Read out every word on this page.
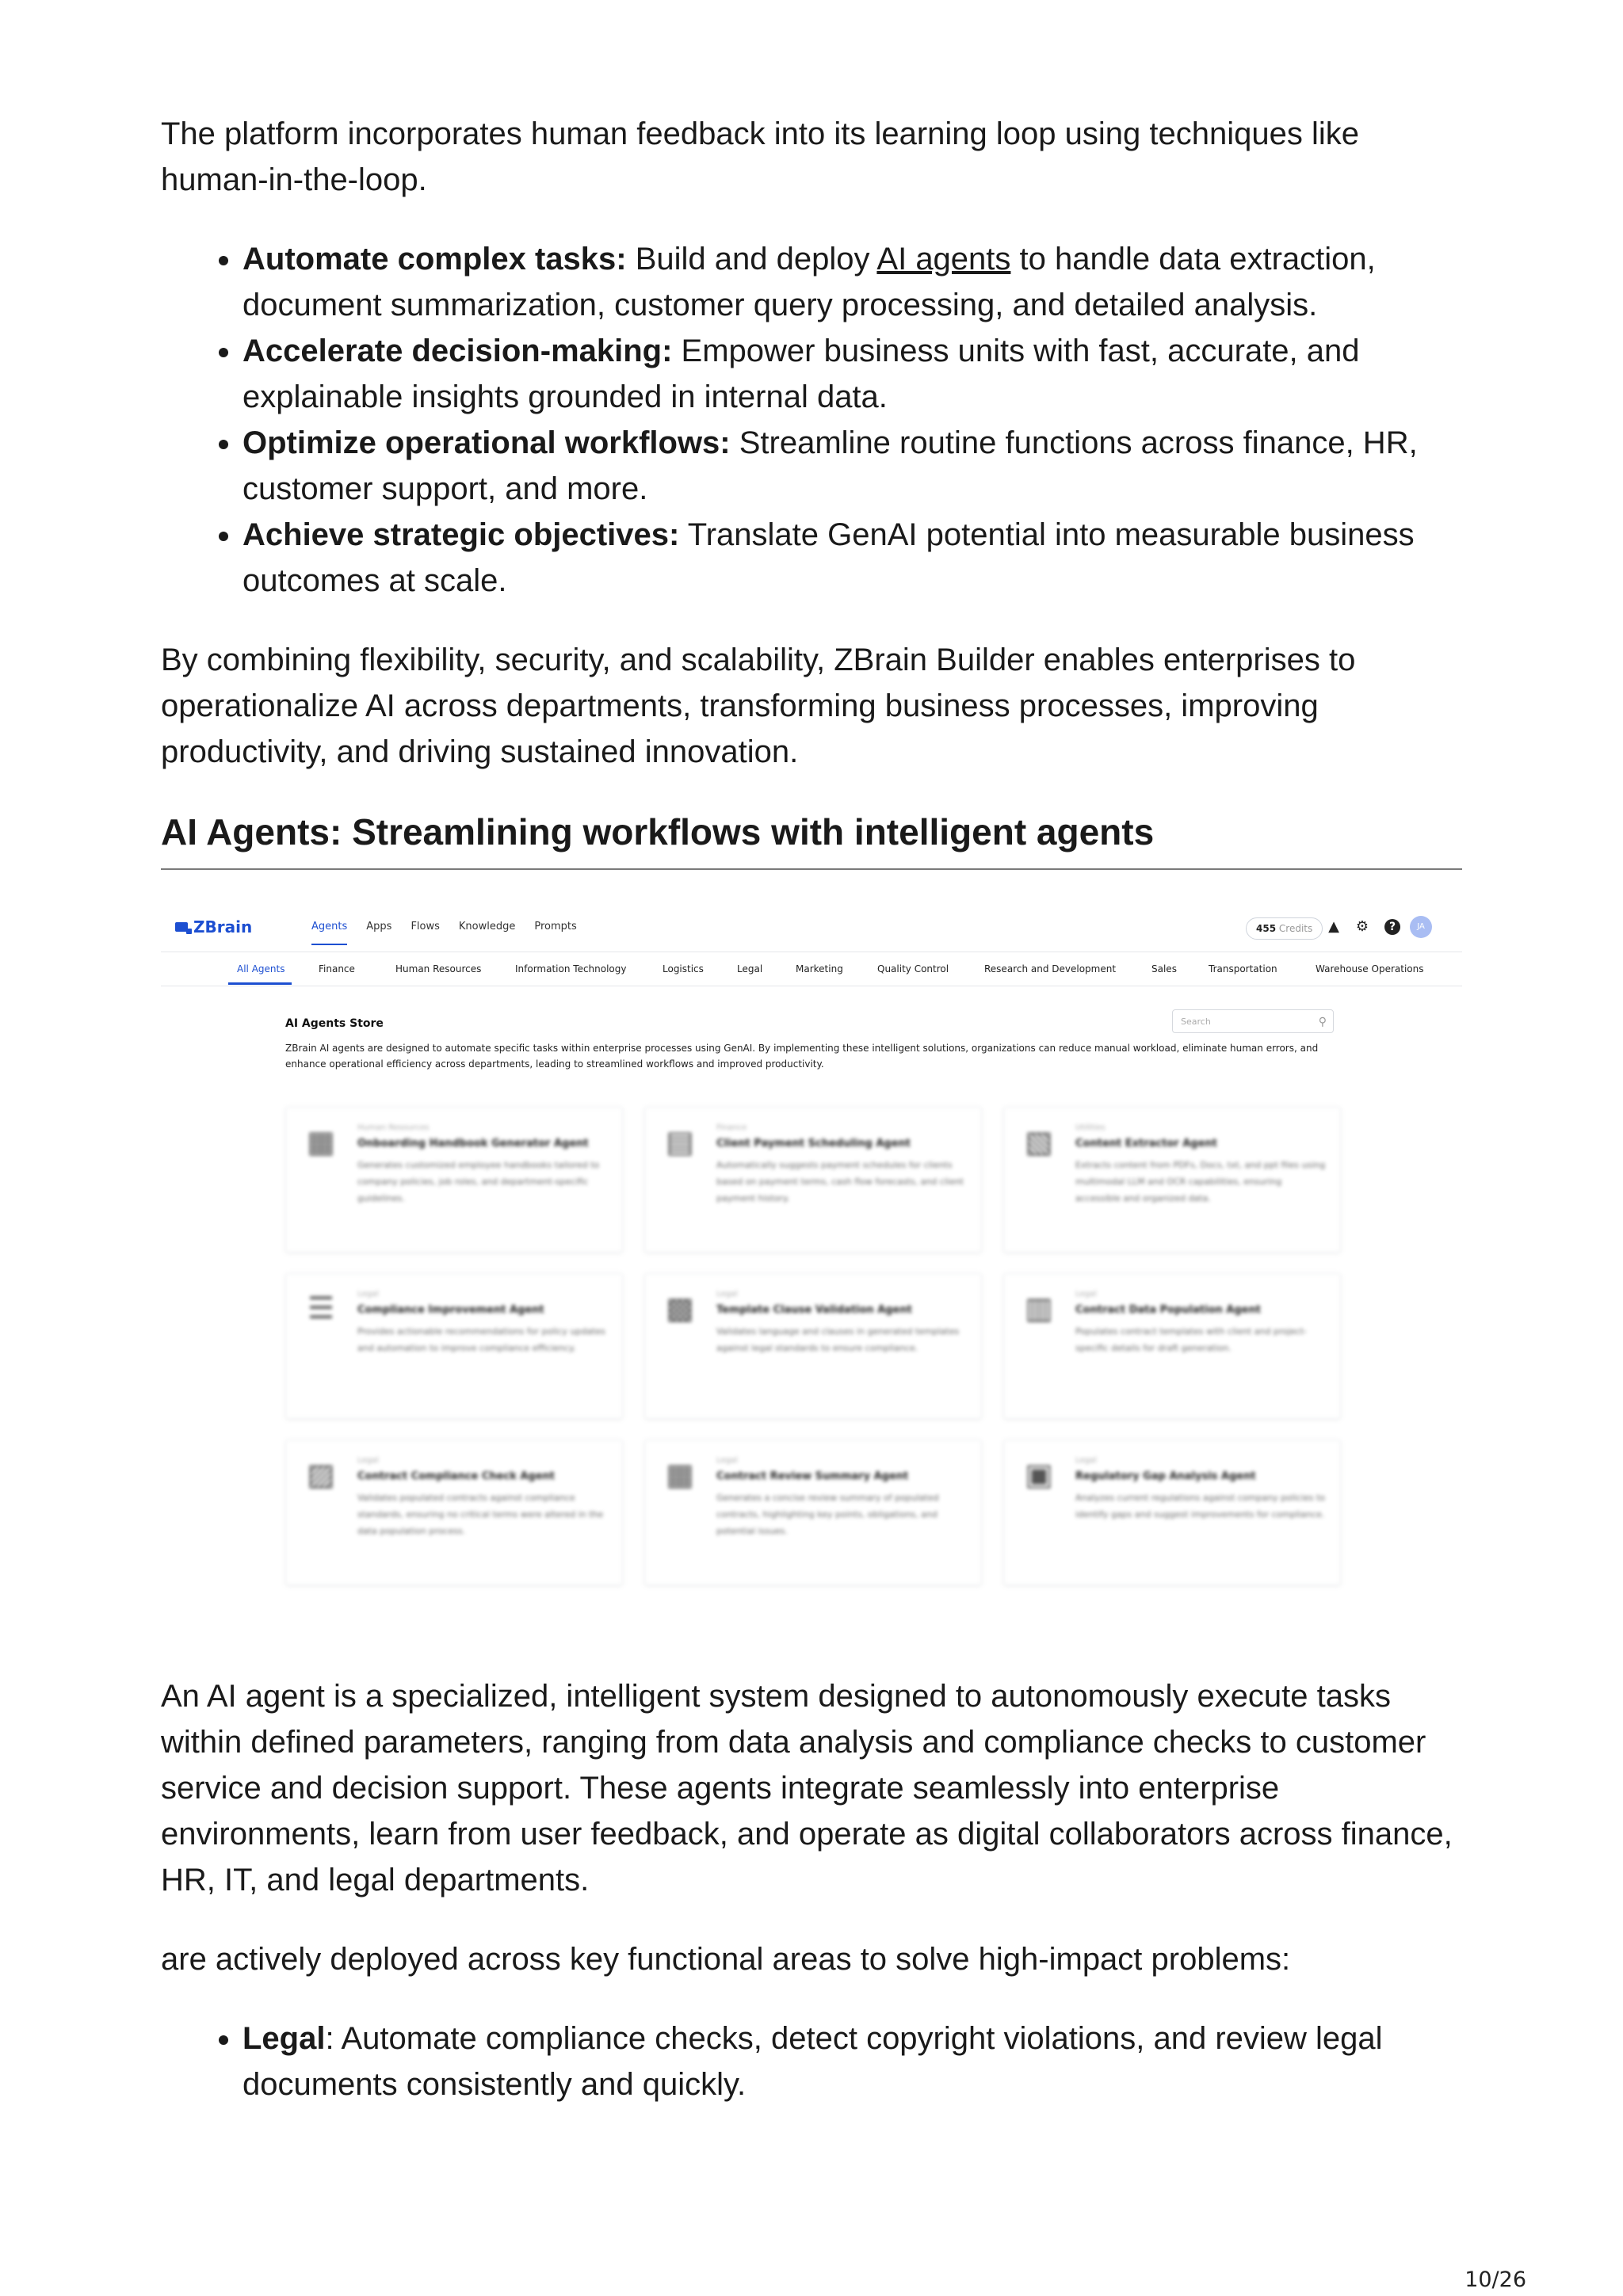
The platform incorporates human feedback into its learning loop using techniques like human-in-the-loop.

• Automate complex tasks: Build and deploy AI agents to handle data extraction, document summarization, customer query processing, and detailed analysis.
• Accelerate decision-making: Empower business units with fast, accurate, and explainable insights grounded in internal data.
• Optimize operational workflows: Streamline routine functions across finance, HR, customer support, and more.
• Achieve strategic objectives: Translate GenAI potential into measurable business outcomes at scale.

By combining flexibility, security, and scalability, ZBrain Builder enables enterprises to operationalize AI across departments, transforming business processes, improving productivity, and driving sustained innovation.

AI Agents: Streamlining workflows with intelligent agents
ZBrain	Agents Apps Flows Knowledge Prompts	455 Credits	▲ ⚙	?	JA
All Agents	Finance	Human Resources	Information Technology	Logistics	Legal	Marketing	Quality Control	Research and Development	Sales	Transportation	Warehouse Operations
AI Agents Store	Search	⚲
ZBrain AI agents are designed to automate specific tasks within enterprise processes using GenAI. By implementing these intelligent solutions, organizations can reduce manual workload, eliminate human errors, and enhance operational efficiency across departments, leading to streamlined workflows and improved productivity.
▦	Human Resources
Onboarding Handbook Generator Agent
Generates customized employee handbooks tailored to company policies, job roles, and department-specific guidelines.
▤	Finance
Client Payment Scheduling Agent
Automatically suggests payment schedules for clients based on payment terms, cash flow forecasts, and client payment history.
▧	Utilities
Content Extractor Agent
Extracts content from PDFs, Docs, txt, and ppt files using multimodal LLM and OCR capabilities, ensuring accessible and organized data.
☰	Legal
Compliance Improvement Agent
Provides actionable recommendations for policy updates and automation to improve compliance efficiency.
▩	Legal
Template Clause Validation Agent
Validates language and clauses in generated templates against legal standards to ensure compliance.
▥	Legal
Contract Data Population Agent
Populates contract templates with client and project-specific details for draft generation.
▨	Legal
Contract Compliance Check Agent
Validates populated contracts against compliance standards, ensuring no critical terms were altered in the data population process.
▦	Legal
Contract Review Summary Agent
Generates a concise review summary of populated contracts, highlighting key points, obligations, and potential issues.
▣	Legal
Regulatory Gap Analysis Agent
Analyzes current regulations against company policies to identify gaps and suggest improvements for compliance.

An AI agent is a specialized, intelligent system designed to autonomously execute tasks within defined parameters, ranging from data analysis and compliance checks to customer service and decision support. These agents integrate seamlessly into enterprise environments, learn from user feedback, and operate as digital collaborators across finance, HR, IT, and legal departments.

are actively deployed across key functional areas to solve high-impact problems:

• Legal: Automate compliance checks, detect copyright violations, and review legal documents consistently and quickly.
10/26
